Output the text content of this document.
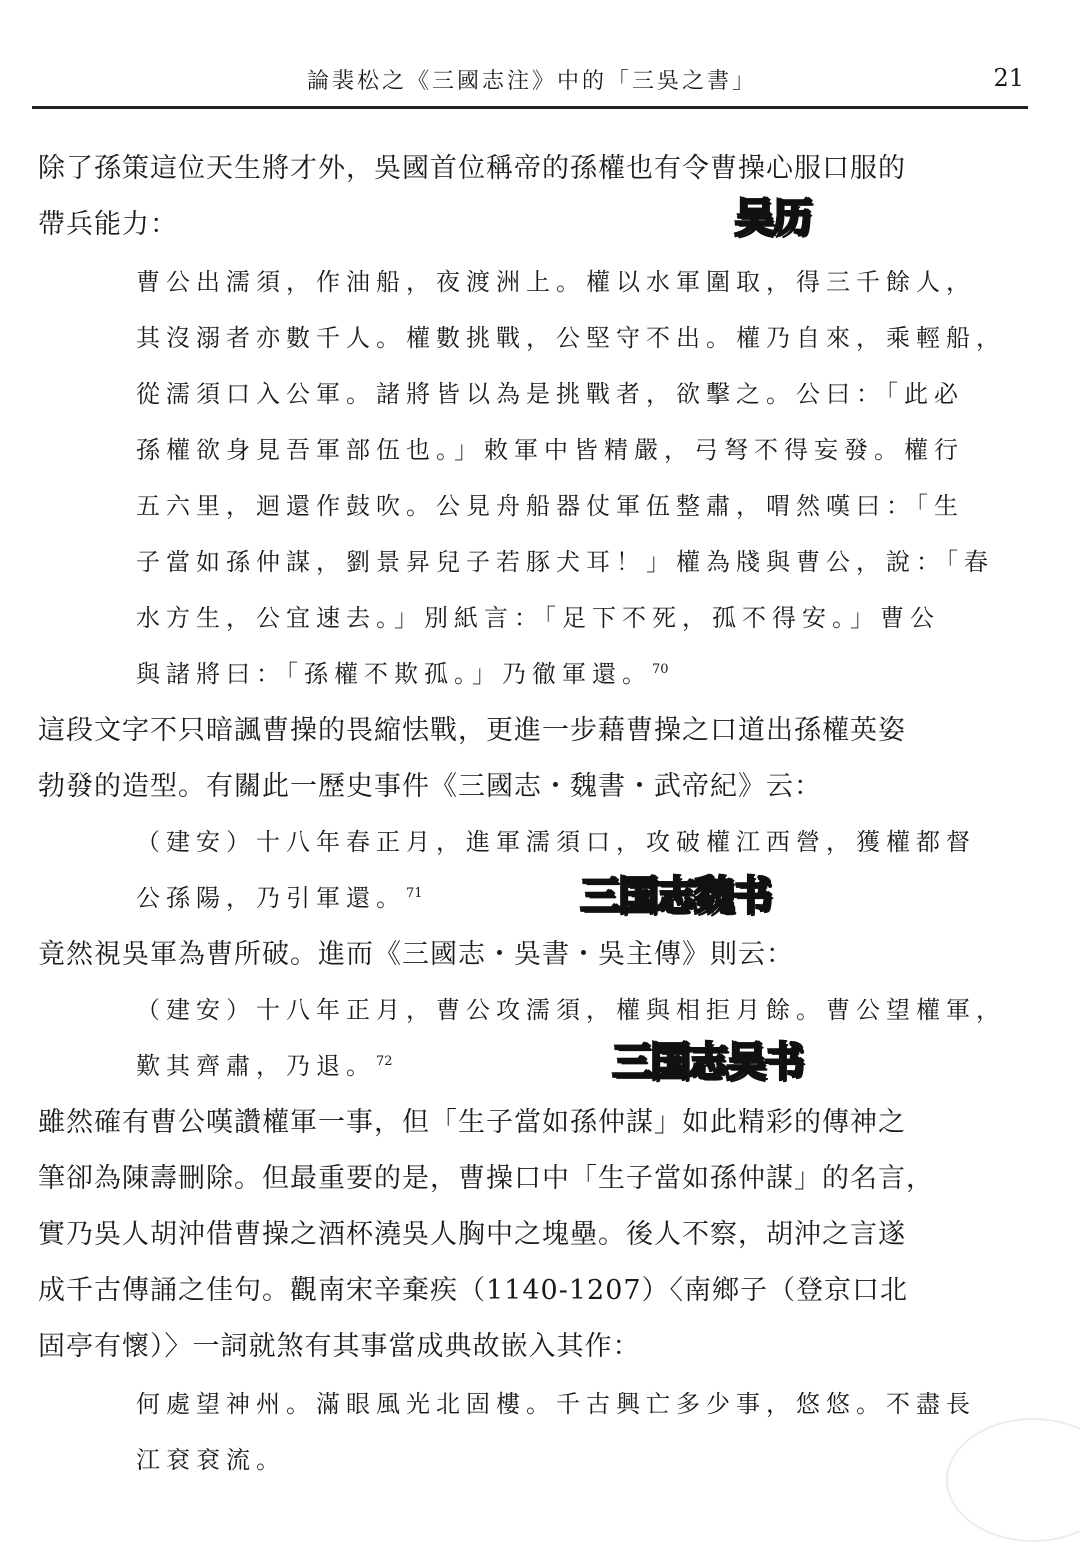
論裴松之《三國志注》中的「三吳之書」	21
除了孫策這位天生將才外，吳國首位稱帝的孫權也有令曹操心服口服的
帶兵能力：
曹公出濡須，作油船，夜渡洲上。權以水軍圍取，得三千餘人，
其沒溺者亦數千人。權數挑戰，公堅守不出。權乃自來，乘輕船，
從濡須口入公軍。諸將皆以為是挑戰者，欲擊之。公曰：「此必
孫權欲身見吾軍部伍也。」敕軍中皆精嚴，弓弩不得妄發。權行
五六里，迴還作鼓吹。公見舟船器仗軍伍整肅，喟然嘆曰：「生
子當如孫仲謀，劉景昇兒子若豚犬耳！」權為牋與曹公，說：「春
水方生，公宜速去。」別紙言：「足下不死，孤不得安。」曹公
與諸將曰：「孫權不欺孤。」乃徹軍還。$^{70}$
這段文字不只暗諷曹操的畏縮怯戰，更進一步藉曹操之口道出孫權英姿
勃發的造型。有關此一歷史事件《三國志・魏書・武帝紀》云：
（建安）十八年春正月，進軍濡須口，攻破權江西營，獲權都督
公孫陽，乃引軍還。$^{71}$
竟然視吳軍為曹所破。進而《三國志・吳書・吳主傳》則云：
（建安）十八年正月，曹公攻濡須，權與相拒月餘。曹公望權軍，
歎其齊肅，乃退。$^{72}$
雖然確有曹公嘆讚權軍一事，但「生子當如孫仲謀」如此精彩的傳神之
筆卻為陳壽刪除。但最重要的是，曹操口中「生子當如孫仲謀」的名言，
實乃吳人胡沖借曹操之酒杯澆吳人胸中之塊壘。後人不察，胡沖之言遂
成千古傳誦之佳句。觀南宋辛棄疾（1140-1207）〈南鄉子（登京口北
固亭有懷）〉一詞就煞有其事當成典故嵌入其作：
何處望神州。滿眼風光北固樓。千古興亡多少事，悠悠。不盡長
江袞袞流。
吴历
三国志魏书
三国志吴书
